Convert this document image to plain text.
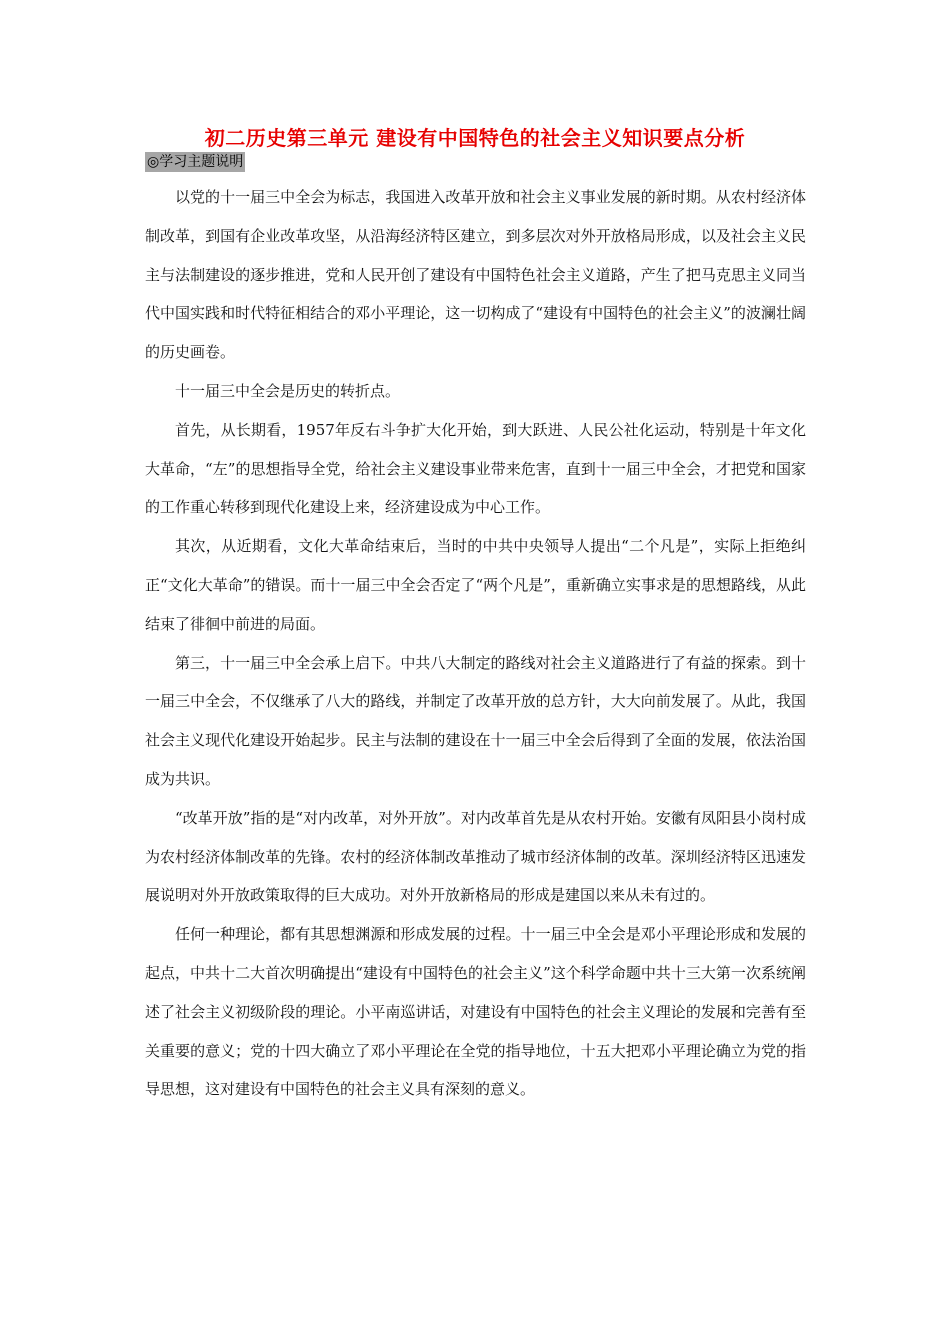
初二历史第三单元 建设有中国特色的社会主义知识要点分析
◎学习主题说明

以党的十一届三中全会为标志，我国进入改革开放和社会主义事业发展的新时期。从农村经济体制改革，到国有企业改革攻坚，从沿海经济特区建立，到多层次对外开放格局形成，以及社会主义民主与法制建设的逐步推进，党和人民开创了建设有中国特色社会主义道路，产生了把马克思主义同当代中国实践和时代特征相结合的邓小平理论，这一切构成了“建设有中国特色的社会主义”的波澜壮阔的历史画卷。

十一届三中全会是历史的转折点。

首先，从长期看，1957年反右斗争扩大化开始，到大跃进、人民公社化运动，特别是十年文化大革命，“左”的思想指导全党，给社会主义建设事业带来危害，直到十一届三中全会，才把党和国家的工作重心转移到现代化建设上来，经济建设成为中心工作。

其次，从近期看，文化大革命结束后，当时的中共中央领导人提出“二个凡是”，实际上拒绝纠正“文化大革命”的错误。而十一届三中全会否定了“两个凡是”，重新确立实事求是的思想路线，从此结束了徘徊中前进的局面。

第三，十一届三中全会承上启下。中共八大制定的路线对社会主义道路进行了有益的探索。到十一届三中全会，不仅继承了八大的路线，并制定了改革开放的总方针，大大向前发展了。从此，我国社会主义现代化建设开始起步。民主与法制的建设在十一届三中全会后得到了全面的发展，依法治国成为共识。

“改革开放”指的是“对内改革，对外开放”。对内改革首先是从农村开始。安徽有凤阳县小岗村成为农村经济体制改革的先锋。农村的经济体制改革推动了城市经济体制的改革。深圳经济特区迅速发展说明对外开放政策取得的巨大成功。对外开放新格局的形成是建国以来从未有过的。

任何一种理论，都有其思想渊源和形成发展的过程。十一届三中全会是邓小平理论形成和发展的起点，中共十二大首次明确提出“建设有中国特色的社会主义”这个科学命题中共十三大第一次系统阐述了社会主义初级阶段的理论。小平南巡讲话，对建设有中国特色的社会主义理论的发展和完善有至关重要的意义；党的十四大确立了邓小平理论在全党的指导地位，十五大把邓小平理论确立为党的指导思想，这对建设有中国特色的社会主义具有深刻的意义。
